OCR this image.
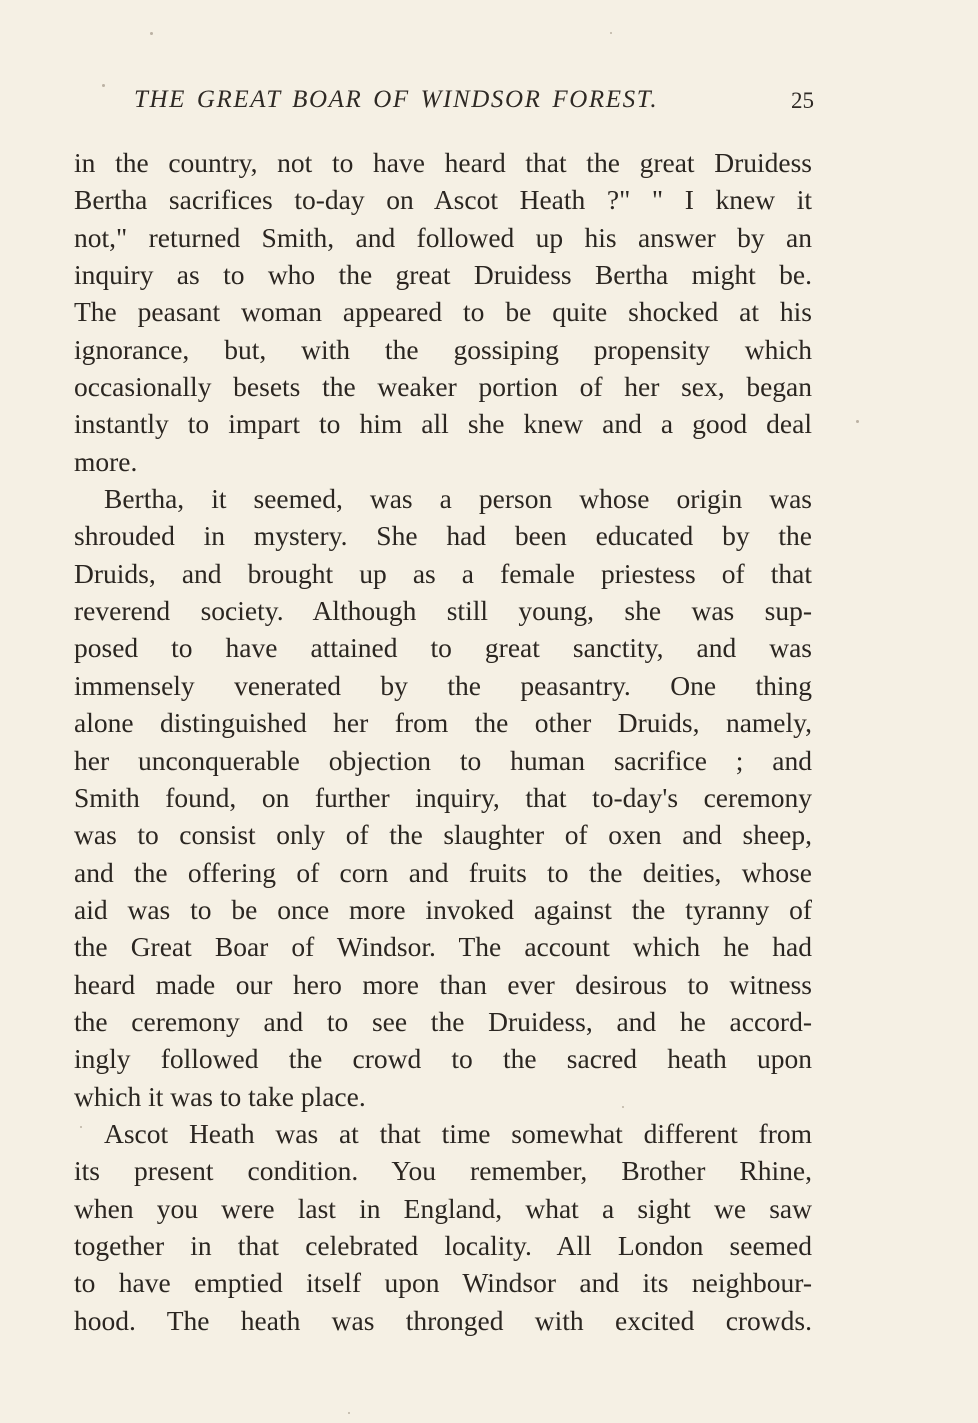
THE GREAT BOAR OF WINDSOR FOREST.	25
in the country, not to have heard that the great Druidess
Bertha sacrifices to-day on Ascot Heath ?" " I knew it
not," returned Smith, and followed up his answer by an
inquiry as to who the great Druidess Bertha might be.
The peasant woman appeared to be quite shocked at his
ignorance, but, with the gossiping propensity which
occasionally besets the weaker portion of her sex, began
instantly to impart to him all she knew and a good deal
more.
Bertha, it seemed, was a person whose origin was
shrouded in mystery. She had been educated by the
Druids, and brought up as a female priestess of that
reverend society. Although still young, she was sup-
posed to have attained to great sanctity, and was
immensely venerated by the peasantry. One thing
alone distinguished her from the other Druids, namely,
her unconquerable objection to human sacrifice ; and
Smith found, on further inquiry, that to-day's ceremony
was to consist only of the slaughter of oxen and sheep,
and the offering of corn and fruits to the deities, whose
aid was to be once more invoked against the tyranny of
the Great Boar of Windsor. The account which he had
heard made our hero more than ever desirous to witness
the ceremony and to see the Druidess, and he accord-
ingly followed the crowd to the sacred heath upon
which it was to take place.
Ascot Heath was at that time somewhat different from
its present condition. You remember, Brother Rhine,
when you were last in England, what a sight we saw
together in that celebrated locality. All London seemed
to have emptied itself upon Windsor and its neighbour-
hood. The heath was thronged with excited crowds.
